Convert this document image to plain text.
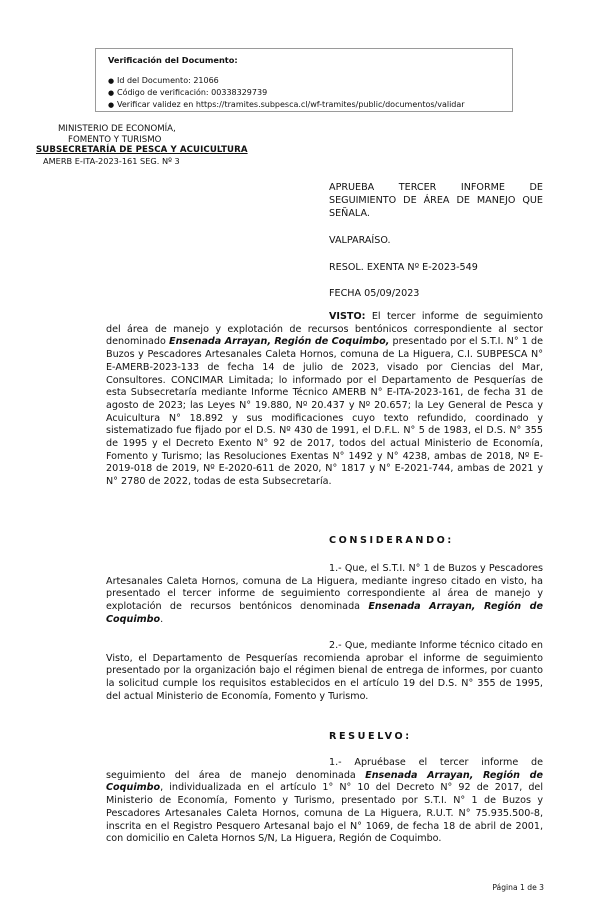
Verificación del Documento:
● Id del Documento: 21066
● Código de verificación: 00338329739
● Verificar validez en https://tramites.subpesca.cl/wf-tramites/public/documentos/validar
MINISTERIO DE ECONOMÍA,
FOMENTO Y TURISMO
SUBSECRETARÍA DE PESCA Y ACUICULTURA
AMERB E-ITA-2023-161 SEG. Nº 3
APRUEBA TERCER INFORME DE SEGUIMIENTO DE ÁREA DE MANEJO QUE SEÑALA.
VALPARAÍSO.
RESOL. EXENTA Nº E-2023-549
FECHA 05/09/2023

VISTO: El tercer informe de seguimiento del área de manejo y explotación de recursos bentónicos correspondiente al sector denominado Ensenada Arrayan, Región de Coquimbo, presentado por el S.T.I. N° 1 de Buzos y Pescadores Artesanales Caleta Hornos, comuna de La Higuera, C.I. SUBPESCA N° E-AMERB-2023-133 de fecha 14 de julio de 2023, visado por Ciencias del Mar, Consultores. CONCIMAR Limitada; lo informado por el Departamento de Pesquerías de esta Subsecretaría mediante Informe Técnico AMERB N° E-ITA-2023-161, de fecha 31 de agosto de 2023; las Leyes N° 19.880, Nº 20.437 y Nº 20.657; la Ley General de Pesca y Acuicultura N° 18.892 y sus modificaciones cuyo texto refundido, coordinado y sistematizado fue fijado por el D.S. Nº 430 de 1991, el D.F.L. N° 5 de 1983, el D.S. N° 355 de 1995 y el Decreto Exento N° 92 de 2017, todos del actual Ministerio de Economía, Fomento y Turismo; las Resoluciones Exentas N° 1492 y N° 4238, ambas de 2018, Nº E-2019-018 de 2019, Nº E-2020-611 de 2020, N° 1817 y N° E-2021-744, ambas de 2021 y N° 2780 de 2022, todas de esta Subsecretaría.

CONSIDERANDO:

1.- Que, el S.T.I. N° 1 de Buzos y Pescadores Artesanales Caleta Hornos, comuna de La Higuera, mediante ingreso citado en visto, ha presentado el tercer informe de seguimiento correspondiente al área de manejo y explotación de recursos bentónicos denominada Ensenada Arrayan, Región de Coquimbo.

2.- Que, mediante Informe técnico citado en Visto, el Departamento de Pesquerías recomienda aprobar el informe de seguimiento presentado por la organización bajo el régimen bienal de entrega de informes, por cuanto la solicitud cumple los requisitos establecidos en el artículo 19 del D.S. N° 355 de 1995, del actual Ministerio de Economía, Fomento y Turismo.

RESUELVO:

1.- Apruébase el tercer informe de seguimiento del área de manejo denominada Ensenada Arrayan, Región de Coquimbo, individualizada en el artículo 1° N° 10 del Decreto N° 92 de 2017, del Ministerio de Economía, Fomento y Turismo, presentado por S.T.I. N° 1 de Buzos y Pescadores Artesanales Caleta Hornos, comuna de La Higuera, R.U.T. N° 75.935.500-8, inscrita en el Registro Pesquero Artesanal bajo el N° 1069, de fecha 18 de abril de 2001, con domicilio en Caleta Hornos S/N, La Higuera, Región de Coquimbo.

Página 1 de 3
